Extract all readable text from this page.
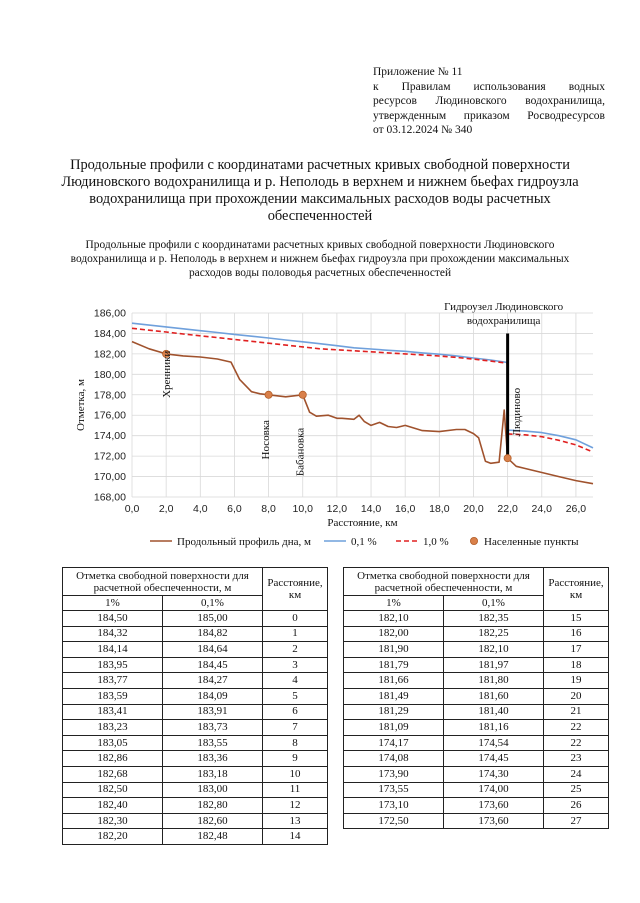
Приложение № 11
к Правилам использования водных
ресурсов Людиновского водохранилища,
утвержденным приказом Росводресурсов
от 03.12.2024 № 340
Продольные профили с координатами расчетных кривых свободной поверхности Людиновского водохранилища и р. Неполодь в верхнем и нижнем бьефах гидроузла водохранилища при прохождении максимальных расходов воды расчетных обеспеченностей
Продольные профили с координатами расчетных кривых свободной поверхности Людиновского водохранилища и р. Неполодь в верхнем и нижнем бьефах гидроузла при прохождении максимальных расходов воды половодья расчетных обеспеченностей
168,00
170,00
172,00
174,00
176,00
178,00
180,00
182,00
184,00
186,00
0,0 2,0 4,0 6,0 8,0 10,0 12,0 14,0 16,0 18,0 20,0 22,0 24,0 26,0
Расстояние, км
Отметка, м
Гидроузел Людиновского
водохранилища
Хренники
Носовка Бабановка
Людиново
Продольный профиль дна, м	0,1 %	1,0 %	Населенные пункты
Отметка свободной поверхности для расчетной обеспеченности, м		Расстояние, км
1%	0,1%	
184,50	185,00	0
184,32	184,82	1
184,14	184,64	2
183,95	184,45	3
183,77	184,27	4
183,59	184,09	5
183,41	183,91	6
183,23	183,73	7
183,05	183,55	8
182,86	183,36	9
182,68	183,18	10
182,50	183,00	11
182,40	182,80	12
182,30	182,60	13
182,20	182,48	14
Отметка свободной поверхности для расчетной обеспеченности, м		Расстояние, км
1%	0,1%	
182,10	182,35	15
182,00	182,25	16
181,90	182,10	17
181,79	181,97	18
181,66	181,80	19
181,49	181,60	20
181,29	181,40	21
181,09	181,16	22
174,17	174,54	22
174,08	174,45	23
173,90	174,30	24
173,55	174,00	25
173,10	173,60	26
172,50	173,60	27
